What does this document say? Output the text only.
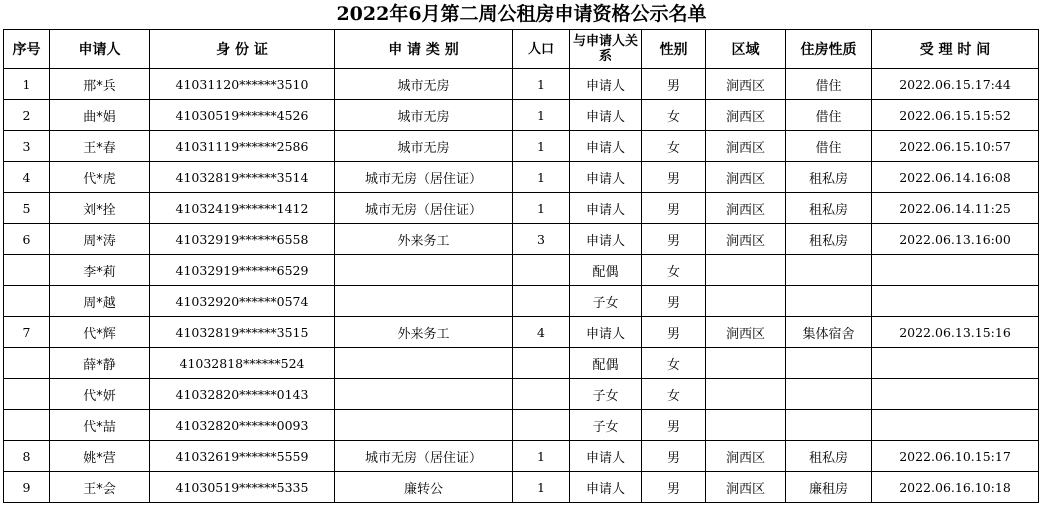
2022年6月第二周公租房申请资格公示名单
序号	申请人	身 份 证	申 请 类 别	人口	与申请人关系	性别	区域	住房性质	受 理 时 间
1	邢*兵	41031120******3510	城市无房	1	申请人	男	涧西区	借住	2022.06.15.17:44
2	曲*娟	41030519******4526	城市无房	1	申请人	女	涧西区	借住	2022.06.15.15:52
3	王*春	41031119******2586	城市无房	1	申请人	女	涧西区	借住	2022.06.15.10:57
4	代*虎	41032819******3514	城市无房（居住证）	1	申请人	男	涧西区	租私房	2022.06.14.16:08
5	刘*拴	41032419******1412	城市无房（居住证）	1	申请人	男	涧西区	租私房	2022.06.14.11:25
6	周*涛	41032919******6558	外来务工	3	申请人	男	涧西区	租私房	2022.06.13.16:00
	李*莉	41032919******6529			配偶	女			
	周*越	41032920******0574			子女	男			
7	代*辉	41032819******3515	外来务工	4	申请人	男	涧西区	集体宿舍	2022.06.13.15:16
	薛*静	41032818******524			配偶	女			
	代*妍	41032820******0143			子女	女			
	代*喆	41032820******0093			子女	男			
8	姚*营	41032619******5559	城市无房（居住证）	1	申请人	男	涧西区	租私房	2022.06.10.15:17
9	王*会	41030519******5335	廉转公	1	申请人	男	涧西区	廉租房	2022.06.16.10:18
